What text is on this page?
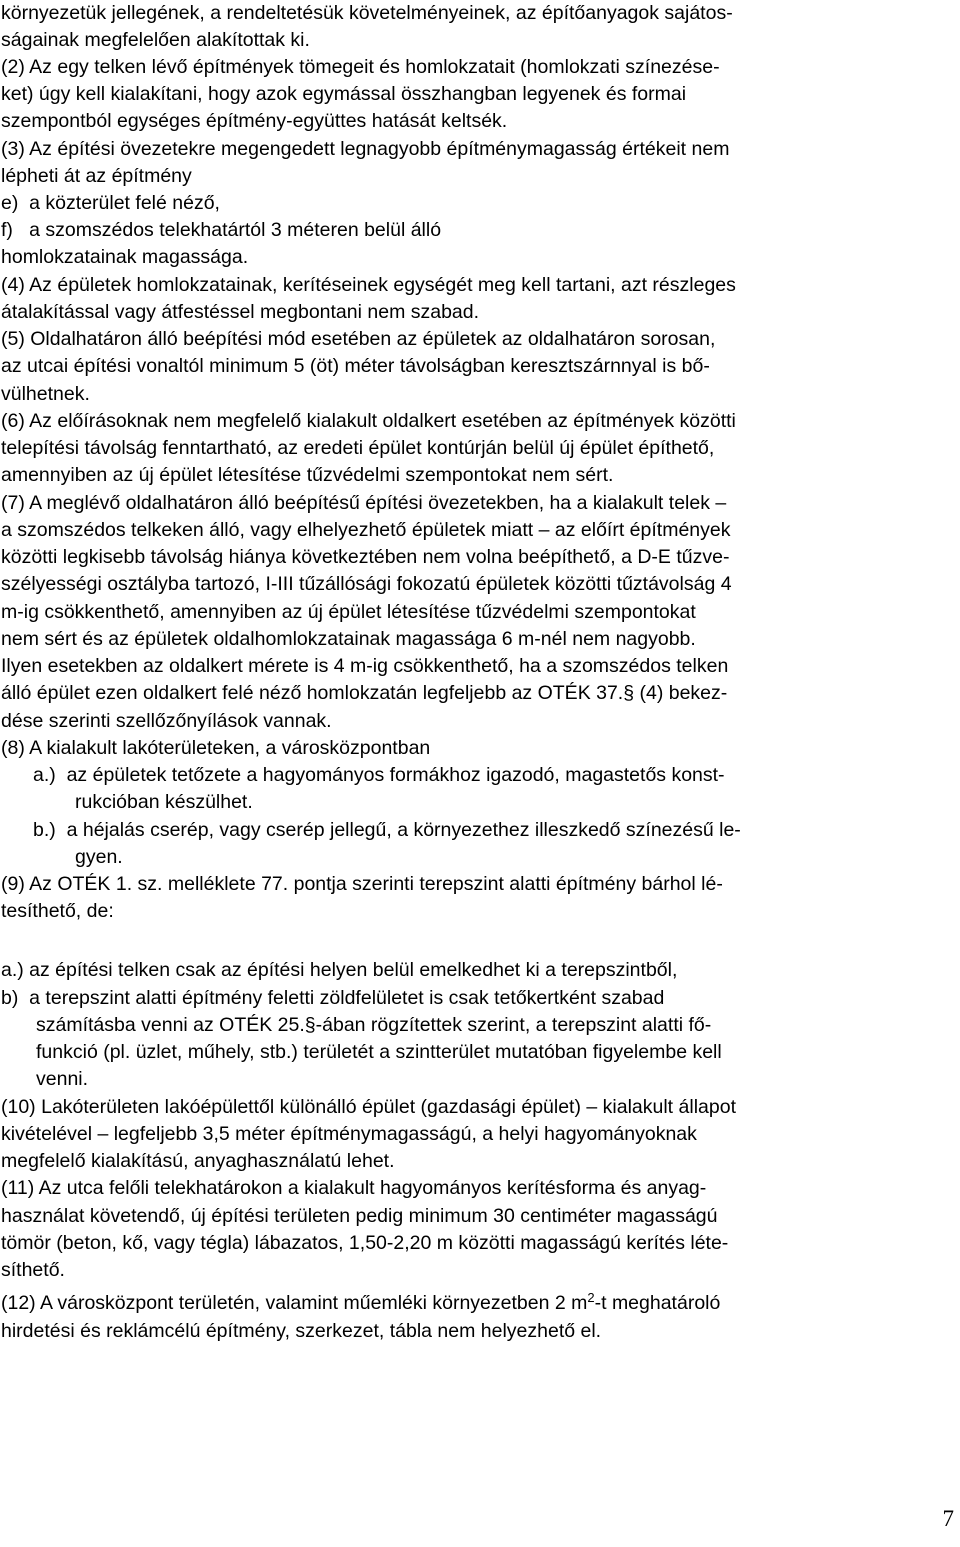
környezetük jellegének, a rendeltetésük követelményeinek, az építőanyagok sajátos-
ságainak megfelelően alakítottak ki.
(2) Az egy telken lévő építmények tömegeit és homlokzatait (homlokzati színezése-
ket) úgy kell kialakítani, hogy azok egymással összhangban legyenek és formai
szempontból egységes építmény-együttes hatását keltsék.
(3) Az építési övezetekre megengedett legnagyobb építménymagasság értékeit nem
lépheti át az építmény
e)  a közterület felé néző,
f)   a szomszédos telekhatártól 3 méteren belül álló
homlokzatainak magassága.
(4) Az épületek homlokzatainak, kerítéseinek egységét meg kell tartani, azt részleges
átalakítással vagy átfestéssel megbontani nem szabad.
(5) Oldalhatáron álló beépítési mód esetében az épületek az oldalhatáron sorosan,
az utcai építési vonaltól minimum 5 (öt) méter távolságban keresztszárnnyal is bő-
vülhetnek.
(6) Az előírásoknak nem megfelelő kialakult oldalkert esetében az építmények közötti
telepítési távolság fenntartható, az eredeti épület kontúrján belül új épület építhető,
amennyiben az új épület létesítése tűzvédelmi szempontokat nem sért.
(7) A meglévő oldalhatáron álló beépítésű építési övezetekben, ha a kialakult telek –
a szomszédos telkeken álló, vagy elhelyezhető épületek miatt – az előírt építmények
közötti legkisebb távolság hiánya következtében nem volna beépíthető, a D-E tűzve-
szélyességi osztályba tartozó, I-III tűzállósági fokozatú épületek közötti tűztávolság 4
m-ig csökkenthető, amennyiben az új épület létesítése tűzvédelmi szempontokat
nem sért és az épületek oldalhomlokzatainak magassága 6 m-nél nem nagyobb.
Ilyen esetekben az oldalkert mérete is 4 m-ig csökkenthető, ha a szomszédos telken
álló épület ezen oldalkert felé néző homlokzatán legfeljebb az OTÉK 37.§ (4) bekez-
dése szerinti szellőzőnyílások vannak.
(8) A kialakult lakóterületeken, a városközpontban
a.)  az épületek tetőzete a hagyományos formákhoz igazodó, magastetős konst-
rukcióban készülhet.
b.)  a héjalás cserép, vagy cserép jellegű, a környezethez illeszkedő színezésű le-
gyen.
(9) Az OTÉK 1. sz. melléklete 77. pontja szerinti terepszint alatti építmény bárhol lé-
tesíthető, de:
a.) az építési telken csak az építési helyen belül emelkedhet ki a terepszintből,
b)  a terepszint alatti építmény feletti zöldfelületet is csak tetőkertként szabad
számításba venni az OTÉK 25.§-ában rögzítettek szerint, a terepszint alatti fő-
funkció (pl. üzlet, műhely, stb.) területét a szintterület mutatóban figyelembe kell
venni.
(10) Lakóterületen lakóépülettől különálló épület (gazdasági épület) – kialakult állapot
kivételével – legfeljebb 3,5 méter építménymagasságú, a helyi hagyományoknak
megfelelő kialakítású, anyaghasználatú lehet.
(11) Az utca felőli telekhatárokon a kialakult hagyományos kerítésforma és anyag-
használat követendő, új építési területen pedig minimum 30 centiméter magasságú
tömör (beton, kő, vagy tégla) lábazatos, 1,50-2,20 m közötti magasságú kerítés léte-
síthető.
(12) A városközpont területén, valamint műemléki környezetben 2 $m^2-t$ meghatároló
hirdetési és reklámcélú építmény, szerkezet, tábla nem helyezhető el.
7
